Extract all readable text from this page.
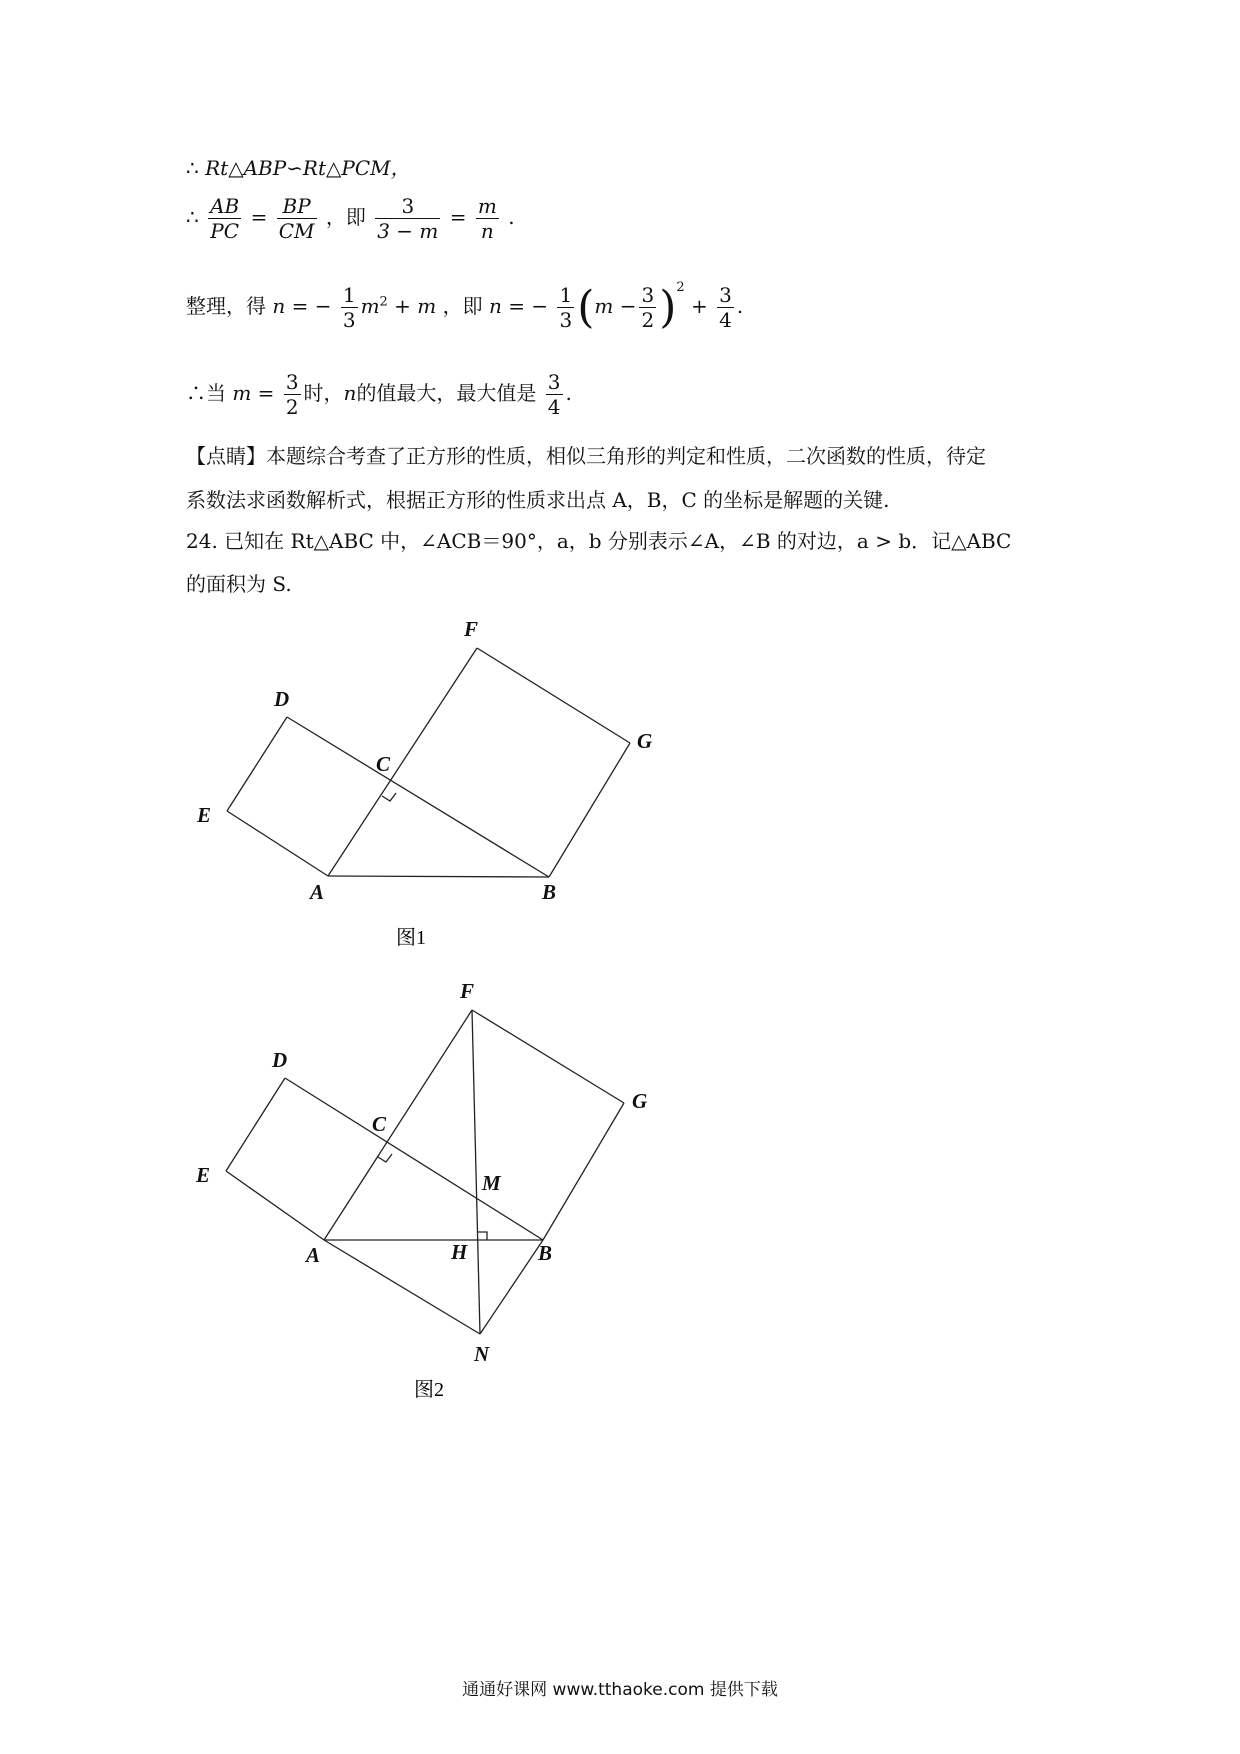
∴ Rt△ABP∽Rt△PCM，
∴ $\frac{AB}{PC} = \frac{BP}{CM}$ ，即 $\frac{3}{3 - m} = \frac{m}{n}$ .
整理，得 n = − $\frac{1}{3} m^2 + m$ ，即 n = − $\frac{1}{3} (m - \frac{3}{2} )^2 + \frac{3}{4}$ .
∴当 $m = \frac{3}{2}$ 时，n的值最大，最大值是 $\frac{3}{4}$ .
【点睛】本题综合考查了正方形的性质，相似三角形的判定和性质，二次函数的性质，待定
系数法求函数解析式，根据正方形的性质求出点 A，B，C 的坐标是解题的关键.
24. 已知在 Rt△ABC 中，∠ACB＝90°，a，b 分别表示∠A，∠B 的对边，a > b．记△ABC
的面积为 S.
F
D
G
C
E
A	B
图1
F
D
G
C
E	M
A	H	B
N
图2
通通好课网 www.tthaoke.com 提供下载
